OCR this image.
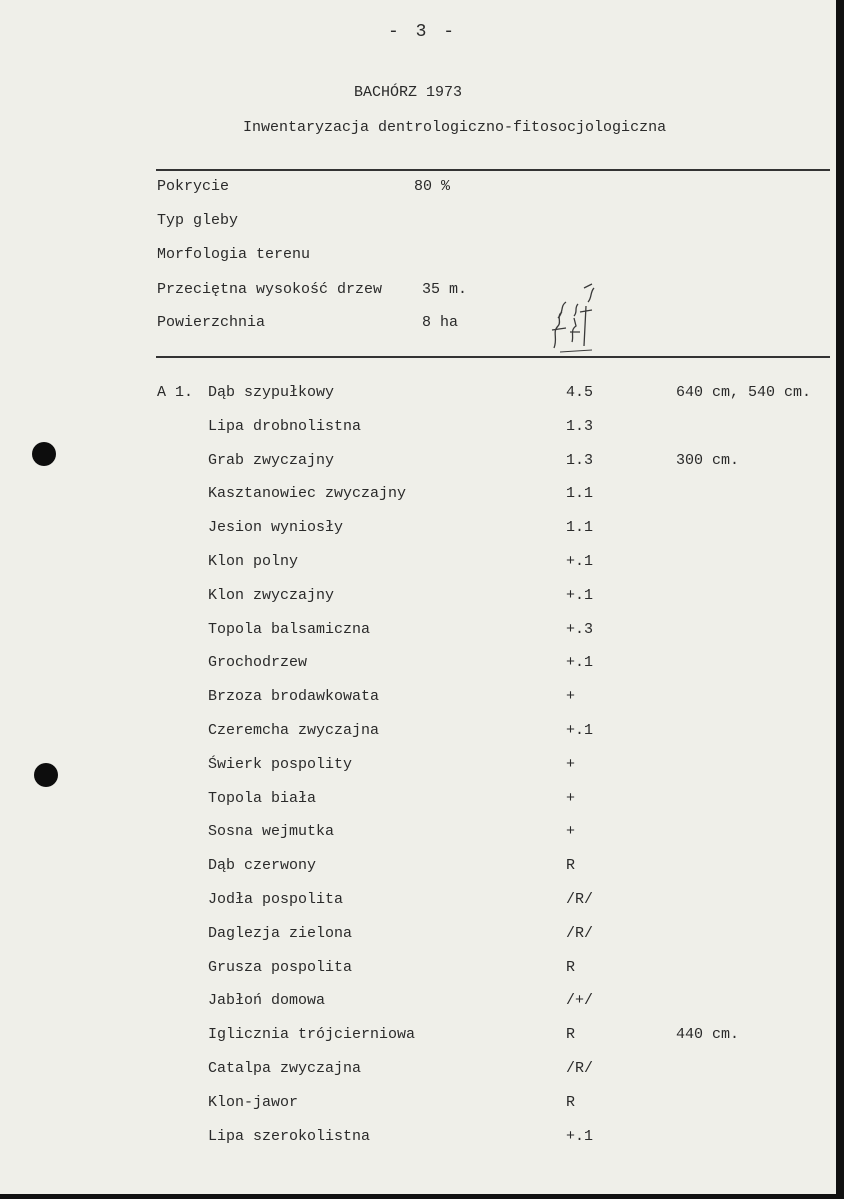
- 3 -
BACHÓRZ 1973
Inwentaryzacja dentrologiczno-fitosocjologiczna
Pokrycie	80 %
Typ gleby
Morfologia terenu
Przeciętna wysokość drzew	35 m.
Powierzchnia	8 ha
A 1. Dąb szypułkowy	4.5	640 cm, 540 cm.
Lipa drobnolistna	1.3
Grab zwyczajny	1.3	300 cm.
Kasztanowiec zwyczajny	1.1
Jesion wyniosły	1.1
Klon polny	+.1
Klon zwyczajny	+.1
Topola balsamiczna	+.3
Grochodrzew	+.1
Brzoza brodawkowata	+
Czeremcha zwyczajna	+.1
Świerk pospolity	+
Topola biała	+
Sosna wejmutka	+
Dąb czerwony	R
Jodła pospolita	/R/
Daglezja zielona	/R/
Grusza pospolita	R
Jabłoń domowa	/+/
Iglicznia trójcierniowa	R	440 cm.
Catalpa zwyczajna	/R/
Klon-jawor	R
Lipa szerokolistna	+.1
